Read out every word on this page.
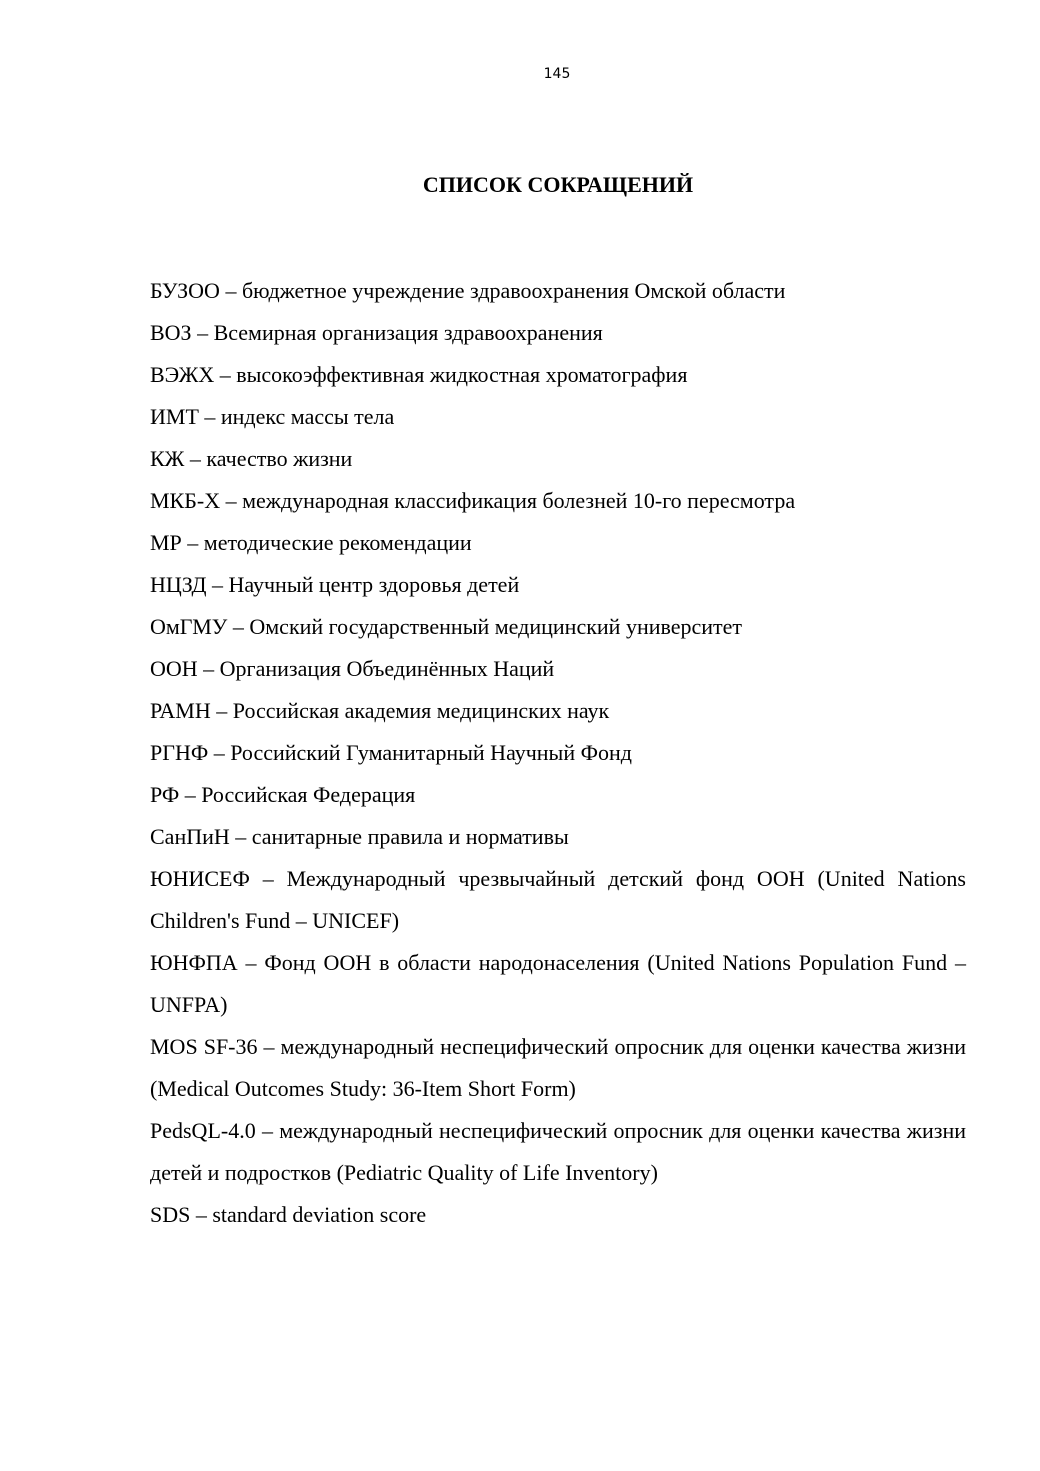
145
СПИСОК СОКРАЩЕНИЙ
БУЗОО – бюджетное учреждение здравоохранения Омской области
ВОЗ – Всемирная организация здравоохранения
ВЭЖХ – высокоэффективная жидкостная хроматография
ИМТ – индекс массы тела
КЖ – качество жизни
МКБ-X – международная классификация болезней 10-го пересмотра
МР – методические рекомендации
НЦЗД – Научный центр здоровья детей
ОмГМУ – Омский государственный медицинский университет
ООН – Организация Объединённых Наций
РАМН – Российская академия медицинских наук
РГНФ – Российский Гуманитарный Научный Фонд
РФ – Российская Федерация
СанПиН – санитарные правила и нормативы
ЮНИСЕФ – Международный чрезвычайный детский фонд ООН (United Nations Children's Fund – UNICEF)
ЮНФПА – Фонд ООН в области народонаселения (United Nations Population Fund – UNFPA)
MOS SF-36 – международный неспецифический опросник для оценки качества жизни (Medical Outcomes Study: 36-Item Short Form)
PedsQL-4.0 – международный неспецифический опросник для оценки качества жизни детей и подростков (Pediatric Quality of Life Inventory)
SDS – standard deviation score
